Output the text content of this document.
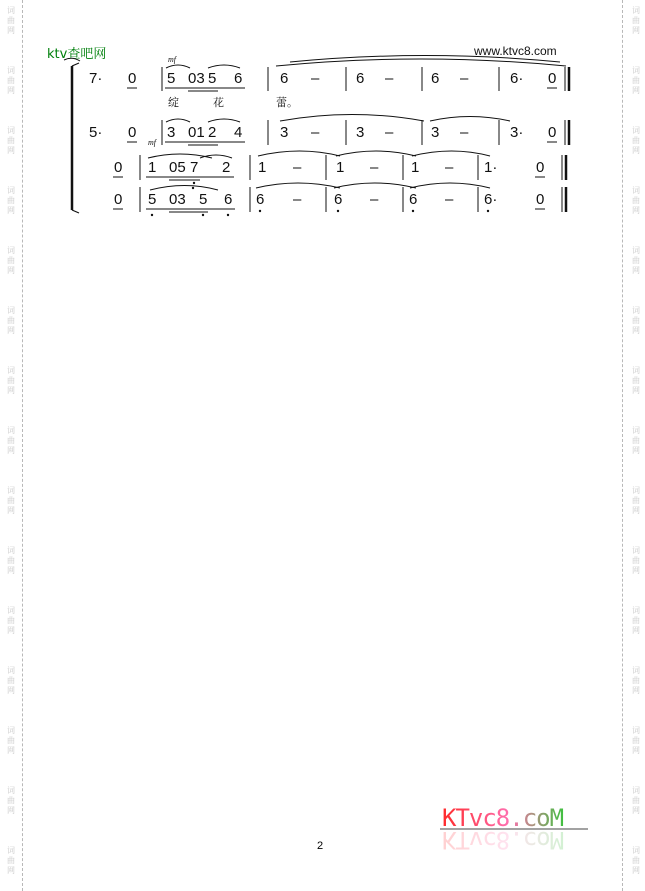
词
曲
网
词
曲
网
词
曲
网
词
曲
网
词
曲
网
词
曲
网
词
曲
网
词
曲
网
词
曲
网
词
曲
网
词
曲
网
词
曲
网
词
曲
网
词
曲
网
词
曲
网
词
曲
网
词
曲
网
词
曲
网
词
曲
网
词
曲
网
词
曲
网
词
曲
网
词
曲
网
词
曲
网
词
曲
网
词
曲
网
词
曲
网
词
曲
网
词
曲
网
词
曲
网
ktv查吧网	www.ktvc8.com
mf
mf
7· 0 5 03 5 6	6 – 6 –	6 –	6· 0
绽	花	蕾。
5· 0 3 01 2 4	3 – 3 –	3 –	3· 0
0 1 05 7 2 1 – 1 – 1 – 1·	0
0 5 03 5 6 6 – 6 – 6 – 6·	0
2
KTvc8.coM
KTvc8.coM
